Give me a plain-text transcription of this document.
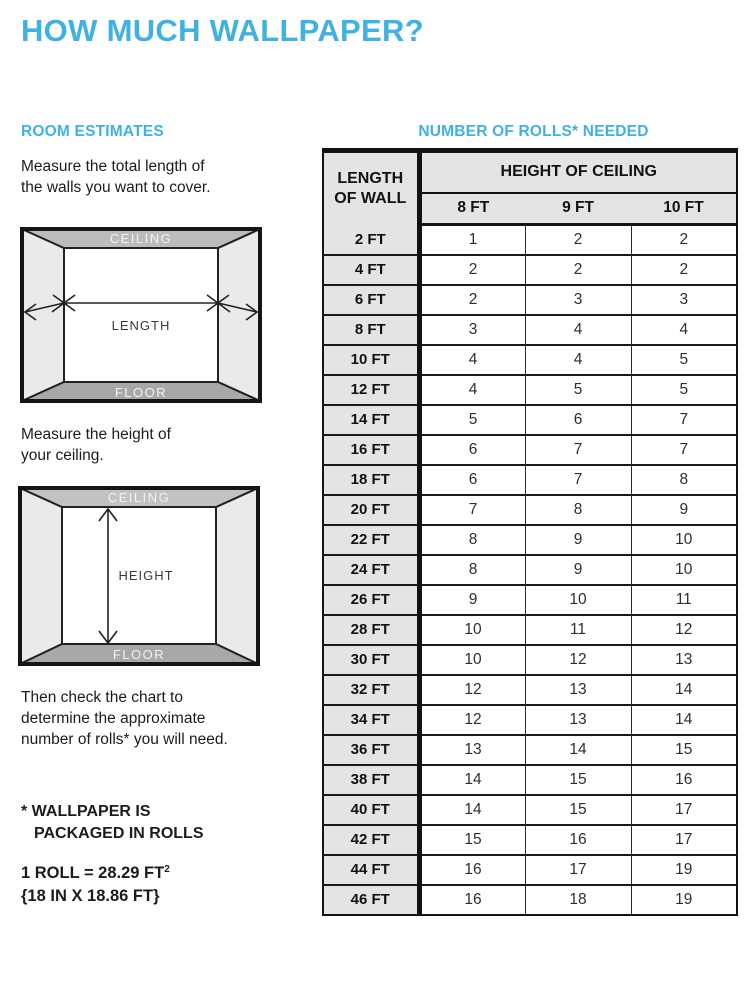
HOW MUCH WALLPAPER?
ROOM ESTIMATES

Measure the total length of
the walls you want to cover.

CEILING
FLOOR
LENGTH

Measure the height of
your ceiling.

CEILING
FLOOR
HEIGHT

Then check the chart to
determine the approximate
number of rolls* you will need.

* WALLPAPER IS
PACKAGED IN ROLLS
1 ROLL = 28.29 $FT^2$
{18 IN X 18.86 FT}
NUMBER OF ROLLS* NEEDED
LENGTH
OF WALL	HEIGHT OF CEILING		
	8 FT	9 FT	10 FT
2 FT	1	2	2
4 FT	2	2	2
6 FT	2	3	3
8 FT	3	4	4
10 FT	4	4	5
12 FT	4	5	5
14 FT	5	6	7
16 FT	6	7	7
18 FT	6	7	8
20 FT	7	8	9
22 FT	8	9	10
24 FT	8	9	10
26 FT	9	10	11
28 FT	10	11	12
30 FT	10	12	13
32 FT	12	13	14
34 FT	12	13	14
36 FT	13	14	15
38 FT	14	15	16
40 FT	14	15	17
42 FT	15	16	17
44 FT	16	17	19
46 FT	16	18	19
